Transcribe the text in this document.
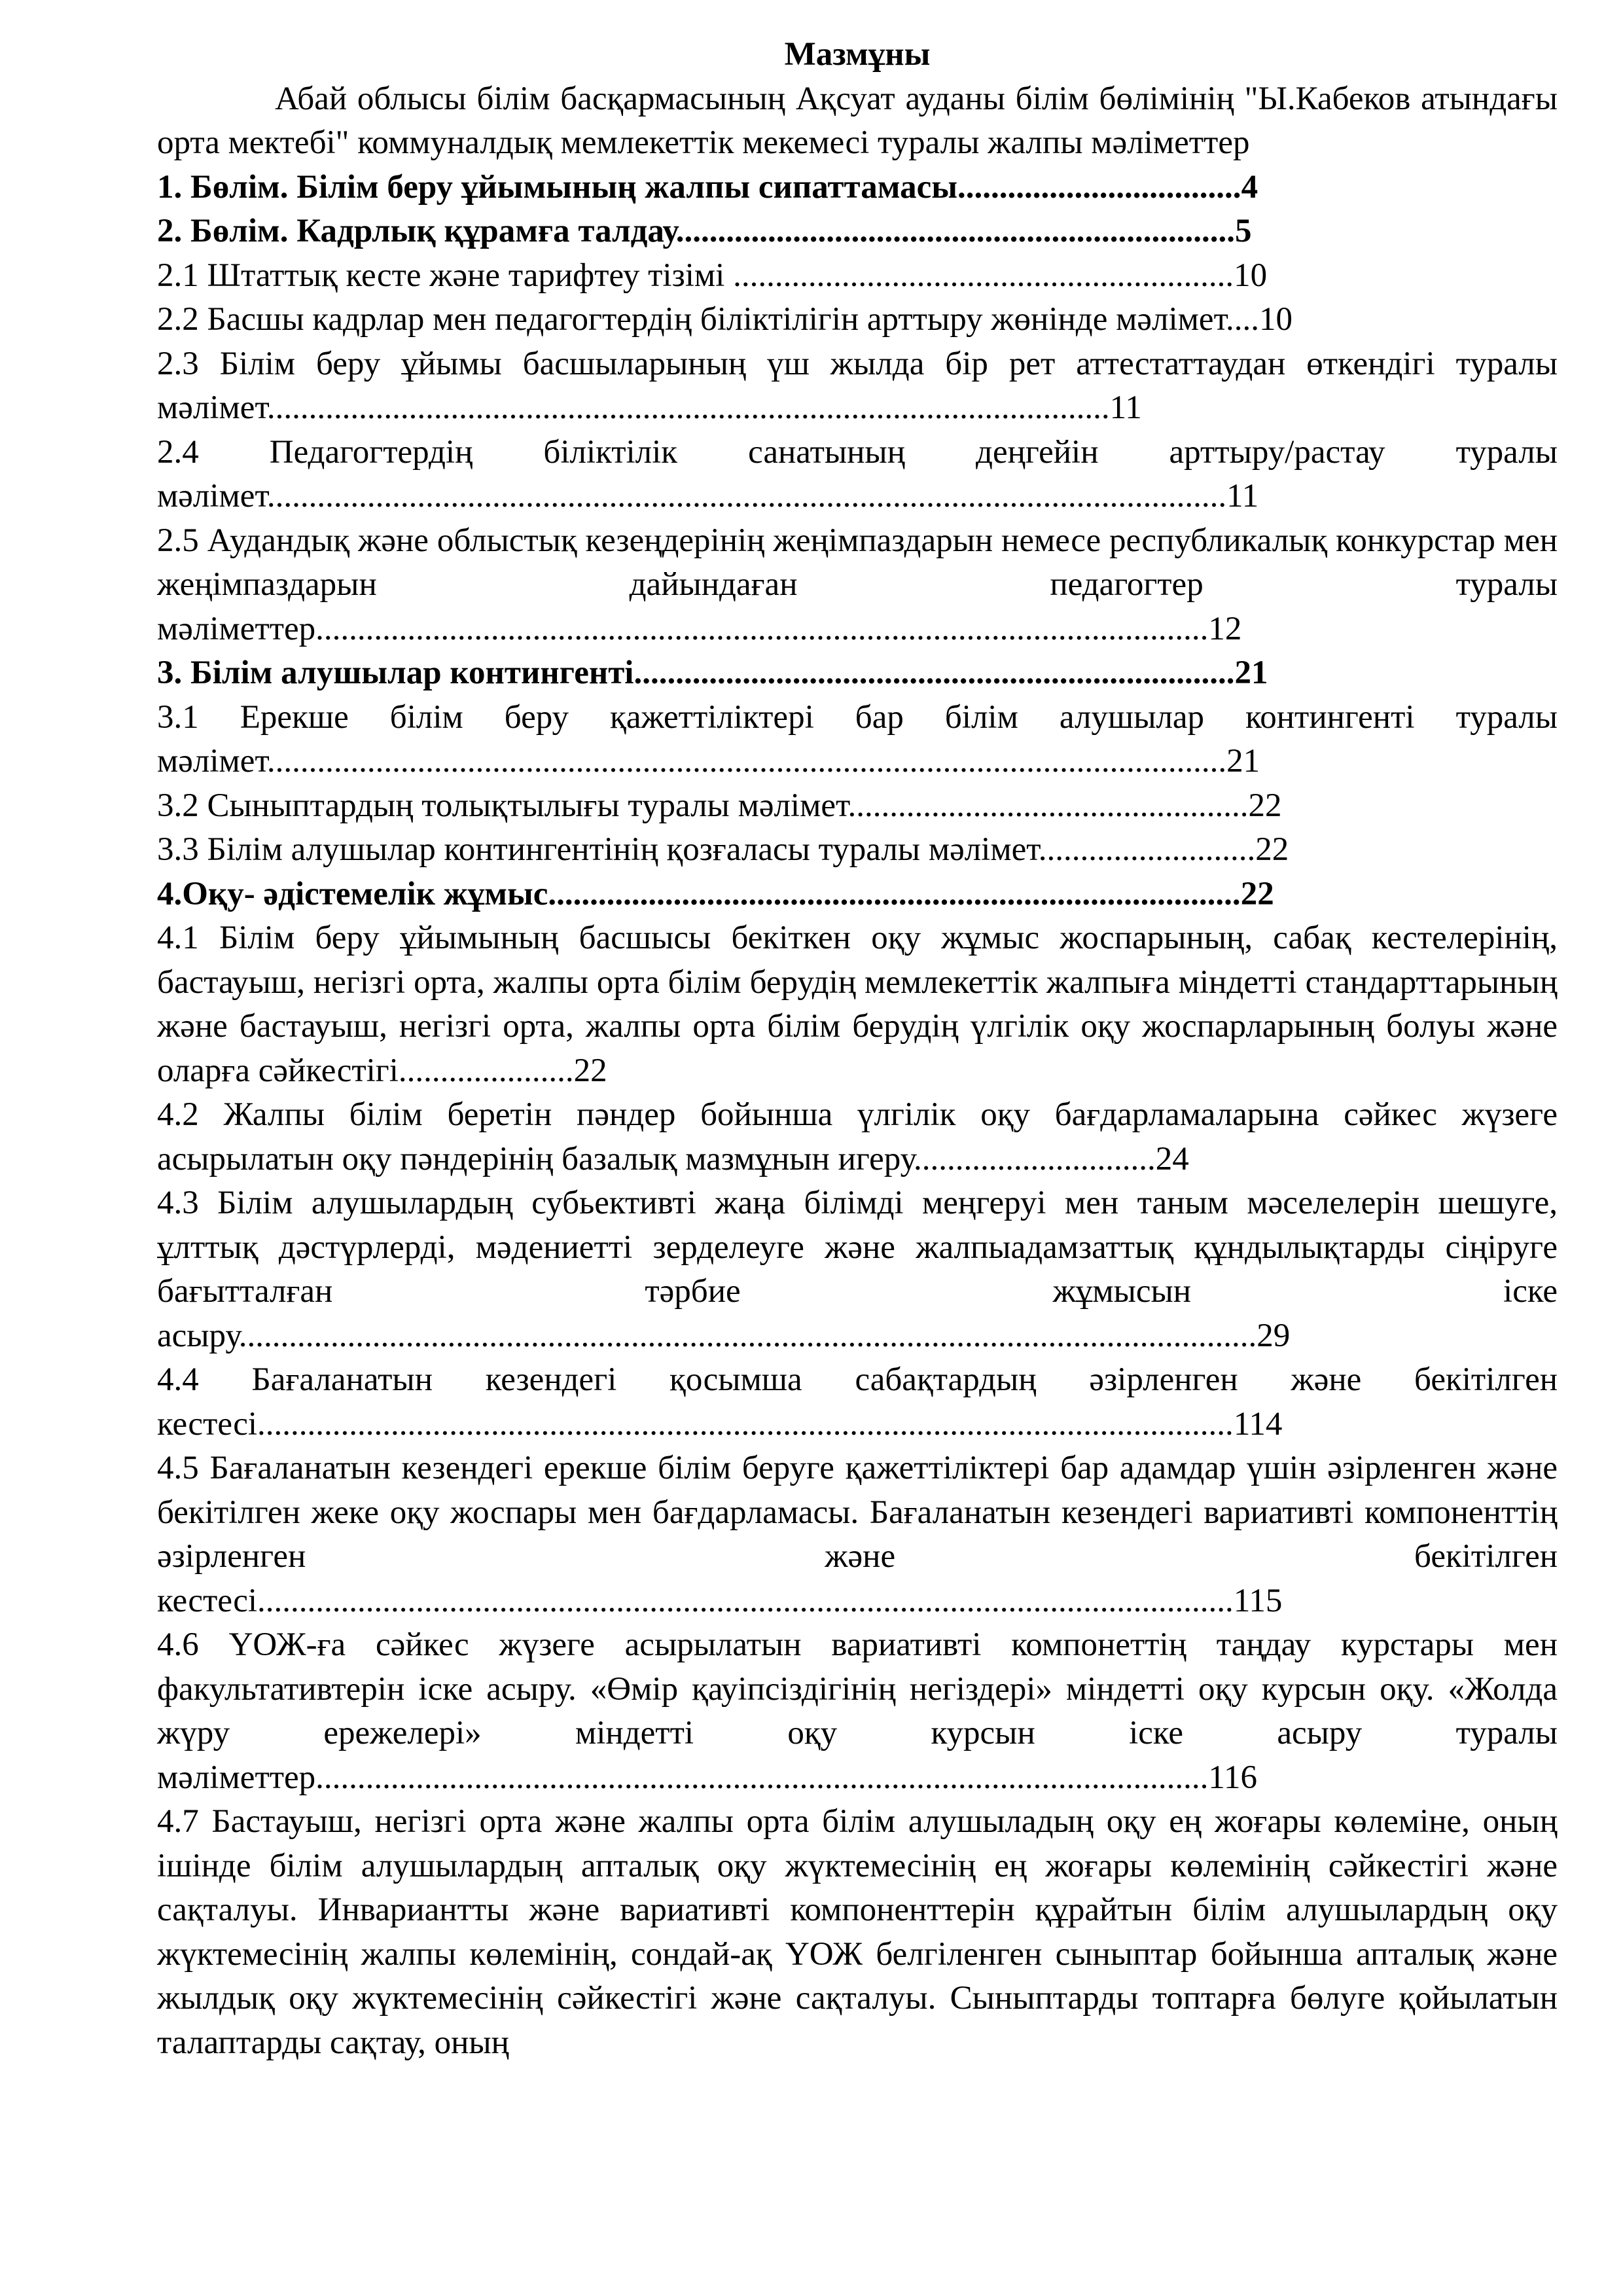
Мазмұны

Абай облысы білім басқармасының Ақсуат ауданы білім бөлімінің "Ы.Кабеков атындағы орта мектебі" коммуналдық мемлекеттік мекемесі туралы жалпы мәліметтер

1. Бөлім. Білім беру ұйымының жалпы сипаттамасы..................................4

2. Бөлім. Кадрлық құрамға талдау...................................................................5

2.1 Штаттық кесте және тарифтеу тізімі ............................................................10

2.2 Басшы кадрлар мен педагогтердің біліктілігін арттыру жөнінде мәлімет....10

2.3 Білім беру ұйымы басшыларының үш жылда бір рет аттестаттаудан өткендігі туралы мәлімет.....................................................................................................11

2.4 Педагогтердің біліктілік санатының деңгейін арттыру/растау туралы мәлімет...................................................................................................................11

2.5 Аудандық және облыстық кезеңдерінің жеңімпаздарын немесе республикалық конкурстар мен жеңімпаздарын дайындаған педагогтер туралы мәліметтер...........................................................................................................12

3. Білім алушылар контингенті........................................................................21

3.1 Ерекше білім беру қажеттіліктері бар білім алушылар контингенті туралы мәлімет...................................................................................................................21

3.2 Сыныптардың толықтылығы туралы мәлімет................................................22

3.3 Білім алушылар контингентінің қозғаласы туралы мәлімет..........................22

4.Оқу- әдістемелік жұмыс...................................................................................22

4.1 Білім беру ұйымының басшысы бекіткен оқу жұмыс жоспарының, сабақ кестелерінің, бастауыш, негізгі орта, жалпы орта білім берудің мемлекеттік жалпыға міндетті стандарттарының және бастауыш, негізгі орта, жалпы орта білім берудің үлгілік оқу жоспарларының болуы және оларға сәйкестігі.....................22

4.2 Жалпы білім беретін пәндер бойынша үлгілік оқу бағдарламаларына сәйкес жүзеге асырылатын оқу пәндерінің базалық мазмұнын игеру.............................24

4.3 Білім алушылардың субьективті жаңа білімді меңгеруі мен таным мәселелерін шешуге, ұлттық дәстүрлерді, мәдениетті зерделеуге және жалпыадамзаттық құндылықтарды сіңіруге бағытталған тәрбие жұмысын іске асыру..........................................................................................................................29

4.4 Бағаланатын кезендегі қосымша сабақтардың әзірленген және бекітілген кестесі.....................................................................................................................114

4.5 Бағаланатын кезендегі ерекше білім беруге қажеттіліктері бар адамдар үшін әзірленген және бекітілген жеке оқу жоспары мен бағдарламасы. Бағаланатын кезендегі вариативті компоненттің әзірленген және бекітілген кестесі.....................................................................................................................115

4.6 ҮОЖ-ға сәйкес жүзеге асырылатын вариативті компонеттің таңдау курстары мен факультативтерін іске асыру. «Өмір қауіпсіздігінің негіздері» міндетті оқу курсын оқу. «Жолда жүру ережелері» міндетті оқу курсын іске асыру туралы мәліметтер...........................................................................................................116

4.7 Бастауыш, негізгі орта және жалпы орта білім алушыладың оқу ең жоғары көлеміне, оның ішінде білім алушылардың апталық оқу жүктемесінің ең жоғары көлемінің сәйкестігі және сақталуы. Инвариантты және вариативті компоненттерін құрайтын білім алушылардың оқу жүктемесінің жалпы көлемінің, сондай-ақ ҮОЖ белгіленген сыныптар бойынша апталық және жылдық оқу жүктемесінің сәйкестігі және сақталуы. Сыныптарды топтарға бөлуге қойылатын талаптарды сақтау, оның
